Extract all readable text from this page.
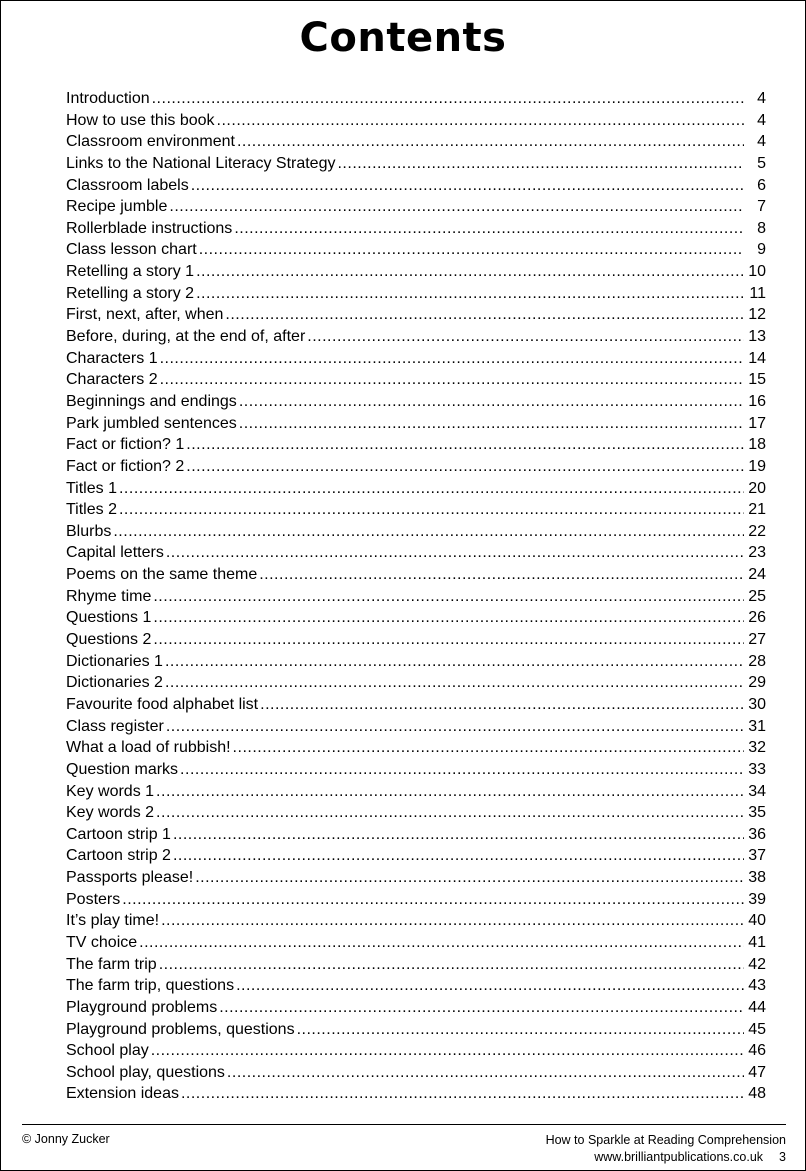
Contents
Introduction .....	4
How to use this book .....	4
Classroom environment .....	4
Links to the National Literacy Strategy .....	5
Classroom labels .....	6
Recipe jumble .....	7
Rollerblade instructions .....	8
Class lesson chart .....	9
Retelling a story 1 .....	10
Retelling a story 2 .....	11
First, next, after, when .....	12
Before, during, at the end of, after .....	13
Characters 1 .....	14
Characters 2 .....	15
Beginnings and endings .....	16
Park jumbled sentences .....	17
Fact or fiction? 1 .....	18
Fact or fiction? 2 .....	19
Titles 1 .....	20
Titles 2 .....	21
Blurbs .....	22
Capital letters .....	23
Poems on the same theme .....	24
Rhyme time .....	25
Questions 1 .....	26
Questions 2 .....	27
Dictionaries 1 .....	28
Dictionaries 2 .....	29
Favourite food alphabet list .....	30
Class register .....	31
What a load of rubbish! .....	32
Question marks .....	33
Key words 1 .....	34
Key words 2 .....	35
Cartoon strip 1 .....	36
Cartoon strip 2 .....	37
Passports please! .....	38
Posters .....	39
It’s play time! .....	40
TV choice .....	41
The farm trip .....	42
The farm trip, questions .....	43
Playground problems .....	44
Playground problems, questions .....	45
School play .....	46
School play, questions .....	47
Extension ideas .....	48
© Jonny Zucker	How to Sparkle at Reading Comprehension
www.brilliantpublications.co.uk 3
